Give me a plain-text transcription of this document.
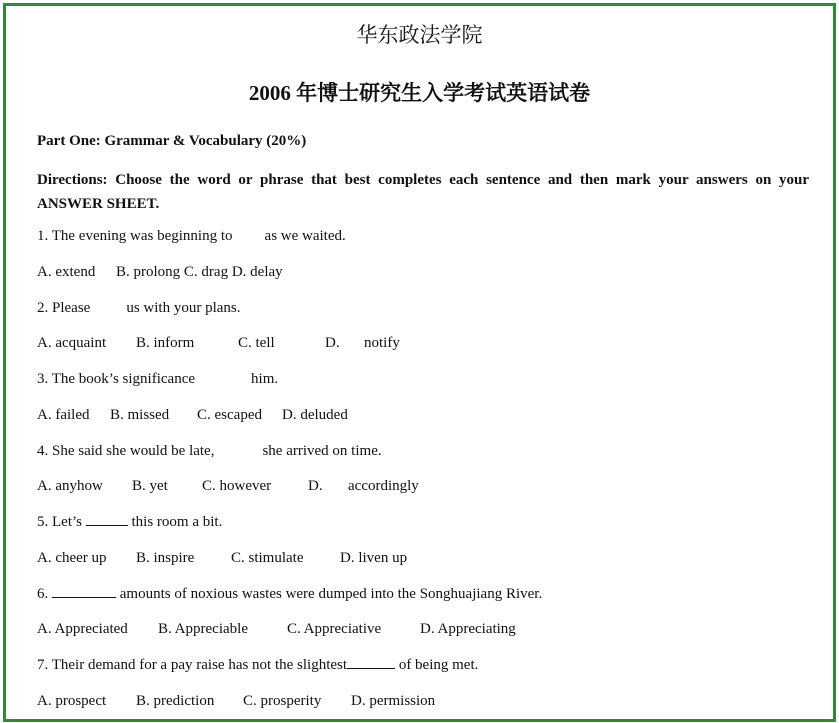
华东政法学院
2006 年博士研究生入学考试英语试卷
Part One: Grammar & Vocabulary (20%)
Directions: Choose the word or phrase that best completes each sentence and then mark your answers on your ANSWER SHEET.
1. The evening was beginning to as we waited.
A. extend B. prolong C. drag D. delay
2. Please us with your plans.
A. acquaint B. inform	C. tell	D. notify
3. The book’s significance	him.
A. failed B. missed C. escaped D. deluded
4. She said she would be late,	she arrived on time.
A. anyhow B. yet C. however D. accordingly
5. Let’s	this room a bit.
A. cheer up B. inspire C. stimulate D. liven up
6.	amounts of noxious wastes were dumped into the Songhuajiang River.
A. Appreciated B. Appreciable	C. Appreciative	D. Appreciating
7. Their demand for a pay raise has not the slightest	of being met.
A. prospect B. prediction C. prosperity D. permission
